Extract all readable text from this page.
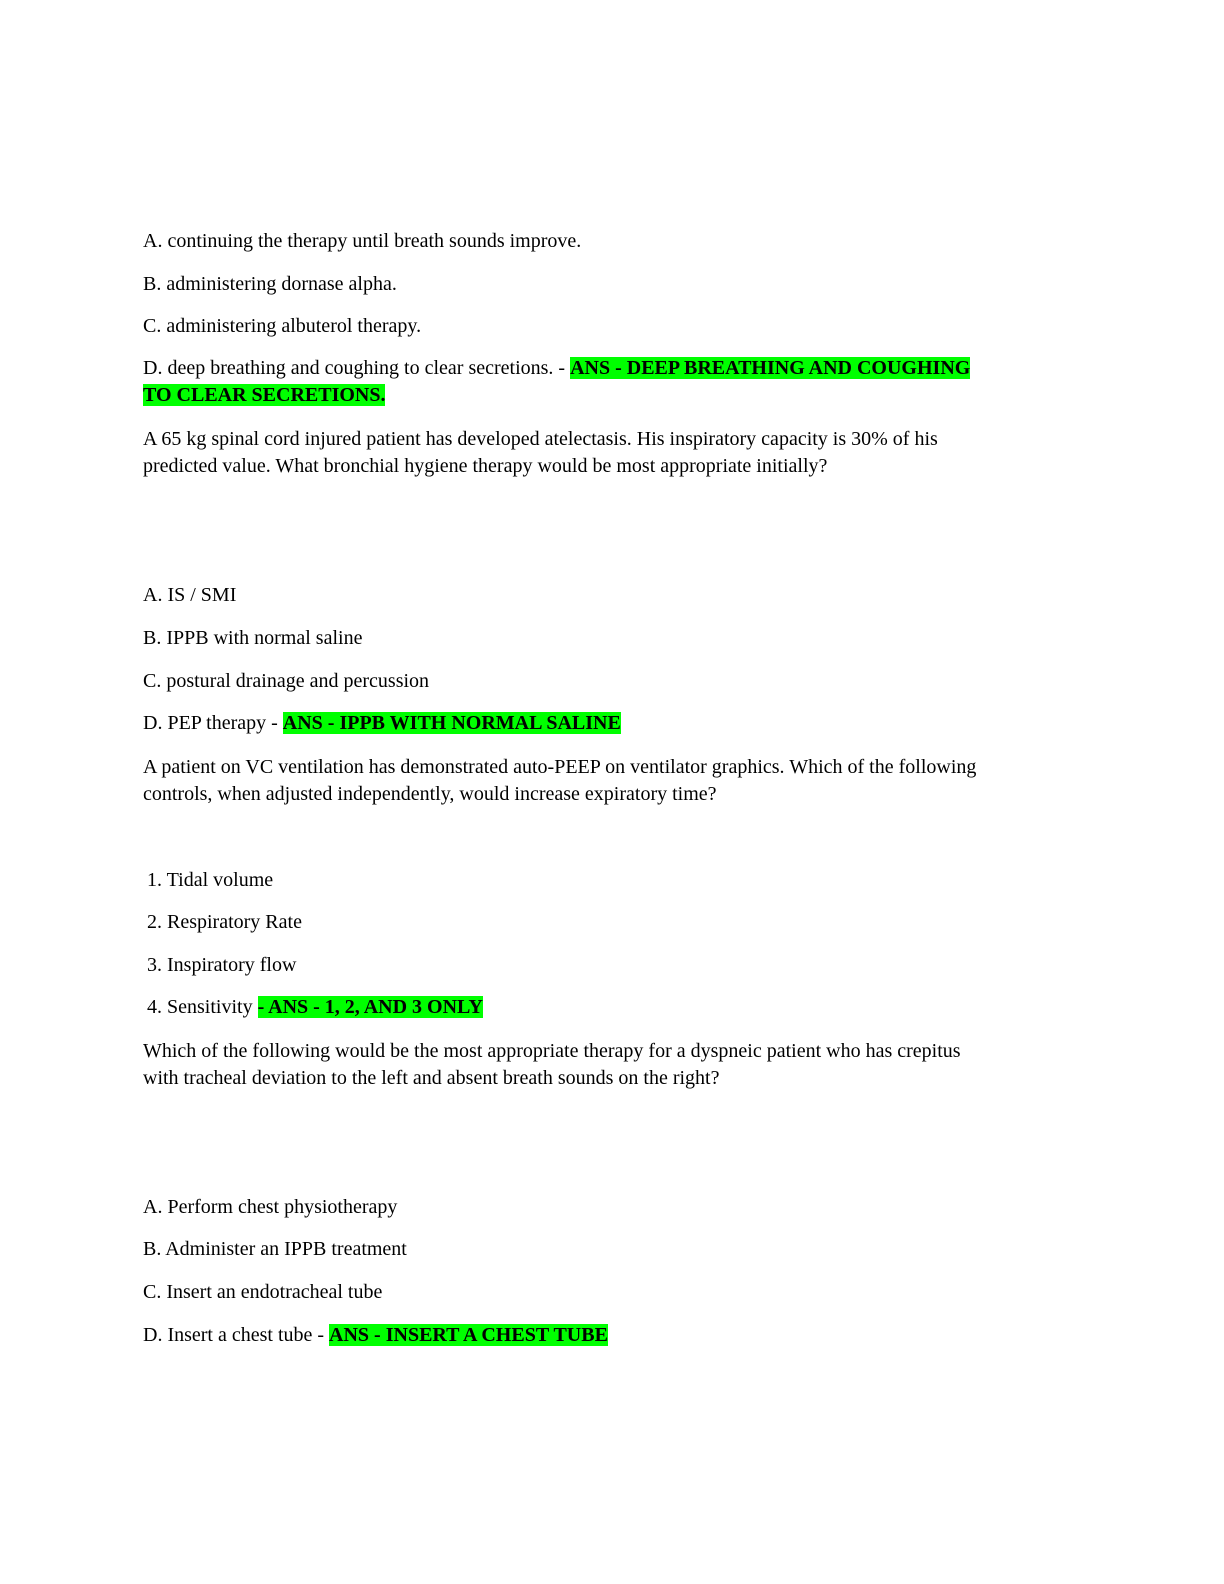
A. continuing the therapy until breath sounds improve.
B. administering dornase alpha.
C. administering albuterol therapy.
D. deep breathing and coughing to clear secretions. - ANS - DEEP BREATHING AND COUGHING
TO CLEAR SECRETIONS.
A 65 kg spinal cord injured patient has developed atelectasis. His inspiratory capacity is 30% of his
predicted value. What bronchial hygiene therapy would be most appropriate initially?
A. IS / SMI
B. IPPB with normal saline
C. postural drainage and percussion
D. PEP therapy - ANS - IPPB WITH NORMAL SALINE
A patient on VC ventilation has demonstrated auto-PEEP on ventilator graphics. Which of the following
controls, when adjusted independently, would increase expiratory time?
1. Tidal volume
2. Respiratory Rate
3. Inspiratory flow
4. Sensitivity - ANS - 1, 2, AND 3 ONLY
Which of the following would be the most appropriate therapy for a dyspneic patient who has crepitus
with tracheal deviation to the left and absent breath sounds on the right?
A. Perform chest physiotherapy
B. Administer an IPPB treatment
C. Insert an endotracheal tube
D. Insert a chest tube - ANS - INSERT A CHEST TUBE
